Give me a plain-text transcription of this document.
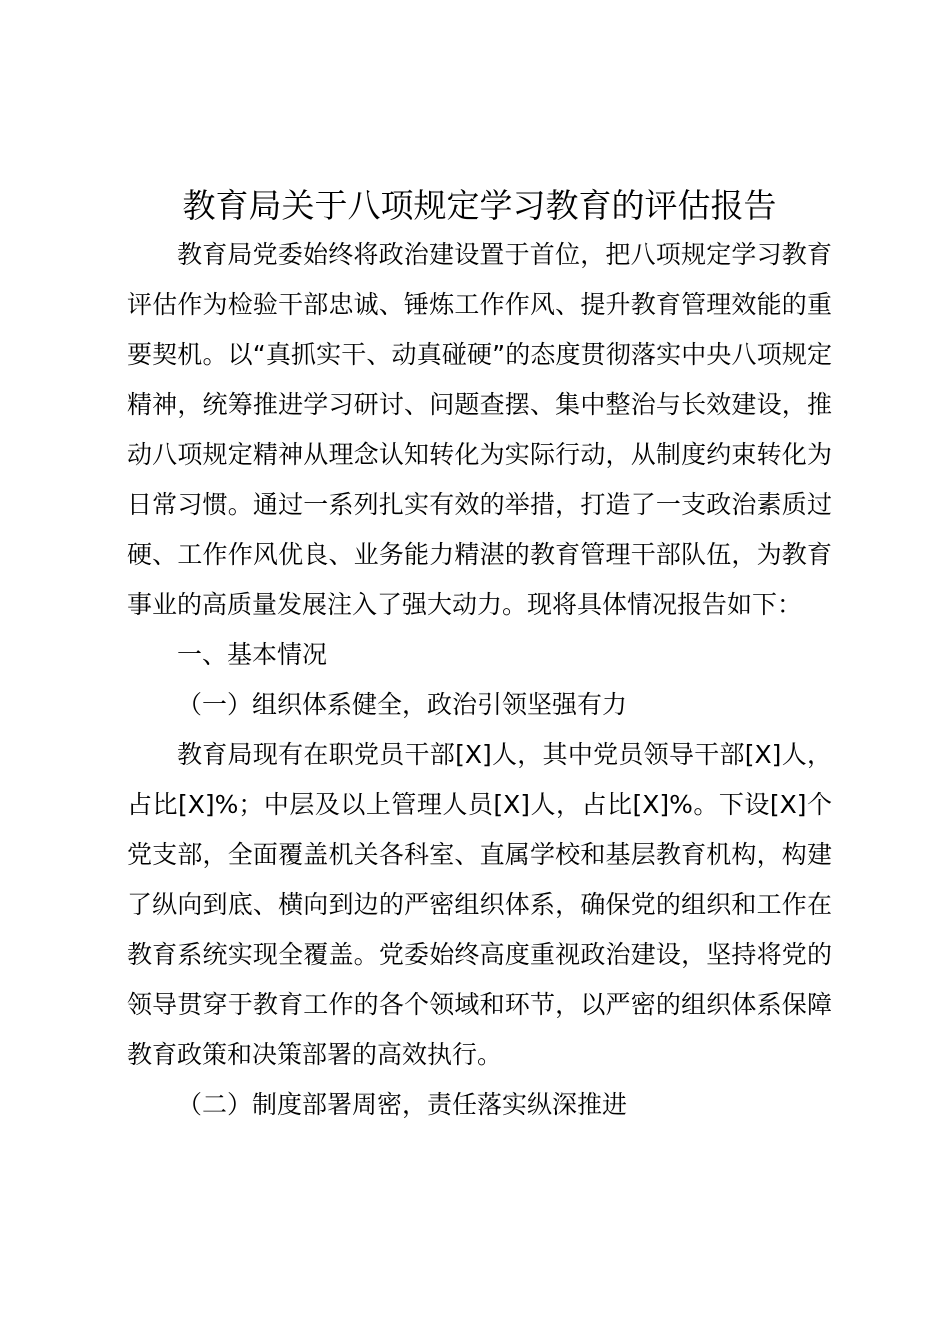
教育局关于八项规定学习教育的评估报告

教育局党委始终将政治建设置于首位，把八项规定学习教育评估作为检验干部忠诚、锤炼工作作风、提升教育管理效能的重要契机。以“真抓实干、动真碰硬”的态度贯彻落实中央八项规定精神，统筹推进学习研讨、问题查摆、集中整治与长效建设，推动八项规定精神从理念认知转化为实际行动，从制度约束转化为日常习惯。通过一系列扎实有效的举措，打造了一支政治素质过硬、工作作风优良、业务能力精湛的教育管理干部队伍，为教育事业的高质量发展注入了强大动力。现将具体情况报告如下：

一、基本情况

（一）组织体系健全，政治引领坚强有力

教育局现有在职党员干部[X]人，其中党员领导干部[X]人，占比[X]%；中层及以上管理人员[X]人，占比[X]%。下设[X]个党支部，全面覆盖机关各科室、直属学校和基层教育机构，构建了纵向到底、横向到边的严密组织体系，确保党的组织和工作在教育系统实现全覆盖。党委始终高度重视政治建设，坚持将党的领导贯穿于教育工作的各个领域和环节，以严密的组织体系保障教育政策和决策部署的高效执行。

（二）制度部署周密，责任落实纵深推进
